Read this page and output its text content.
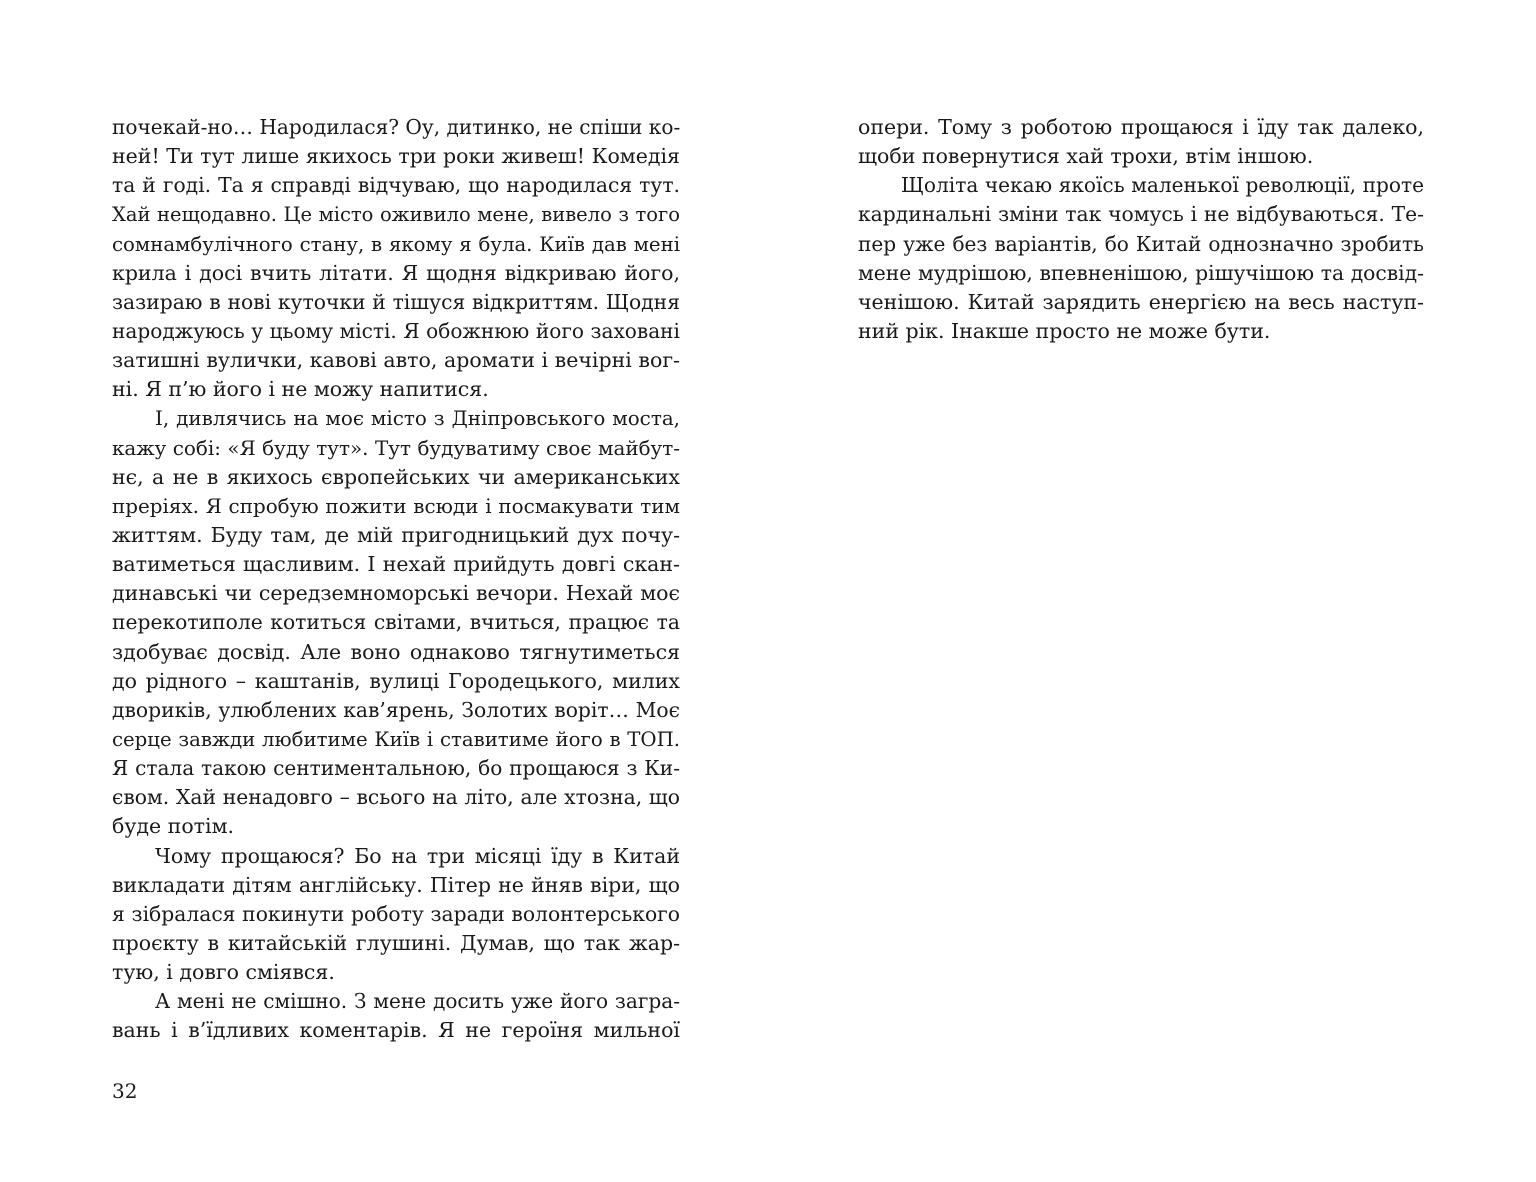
почекай-но… Народилася? Оу, дитинко, не спіши ко-
ней! Ти тут лише якихось три роки живеш! Комедія
та й годі. Та я справді відчуваю, що народилася тут.
Хай нещодавно. Це місто оживило мене, вивело з того
сомнамбулічного стану, в якому я була. Київ дав мені
крила і досі вчить літати. Я щодня відкриваю його,
зазираю в нові куточки й тішуся відкриттям. Щодня
народжуюсь у цьому місті. Я обожнюю його заховані
затишні вулички, кавові авто, аромати і вечірні вог-
ні. Я п’ю його і не можу напитися.
І, дивлячись на моє місто з Дніпровського моста,
кажу собі: «Я буду тут». Тут будуватиму своє майбут-
нє, а не в якихось європейських чи американських
преріях. Я спробую пожити всюди і посмакувати тим
життям. Буду там, де мій пригодницький дух почу-
ватиметься щасливим. І нехай прийдуть довгі скан-
динавські чи середземноморські вечори. Нехай моє
перекотиполе котиться світами, вчиться, працює та
здобуває досвід. Але воно однаково тягнутиметься
до рідного – каштанів, вулиці Городецького, милих
двориків, улюблених кав’ярень, Золотих воріт… Моє
серце завжди любитиме Київ і ставитиме його в ТОП.
Я стала такою сентиментальною, бо прощаюся з Ки-
євом. Хай ненадовго – всього на літо, але хтозна, що
буде потім.
Чому прощаюся? Бо на три місяці їду в Китай
викладати дітям англійську. Пітер не йняв віри, що
я зібралася покинути роботу заради волонтерського
проєкту в китайській глушині. Думав, що так жар-
тую, і довго сміявся.
А мені не смішно. З мене досить уже його загра-
вань і в’їдливих коментарів. Я не героїня мильної
32
опери. Тому з роботою прощаюся і їду так далеко,
щоби повернутися хай трохи, втім іншою.
Щоліта чекаю якоїсь маленької революції, проте
кардинальні зміни так чомусь і не відбуваються. Те-
пер уже без варіантів, бо Китай однозначно зробить
мене мудрішою, впевненішою, рішучішою та досвід-
ченішою. Китай зарядить енергією на весь наступ-
ний рік. Інакше просто не може бути.
